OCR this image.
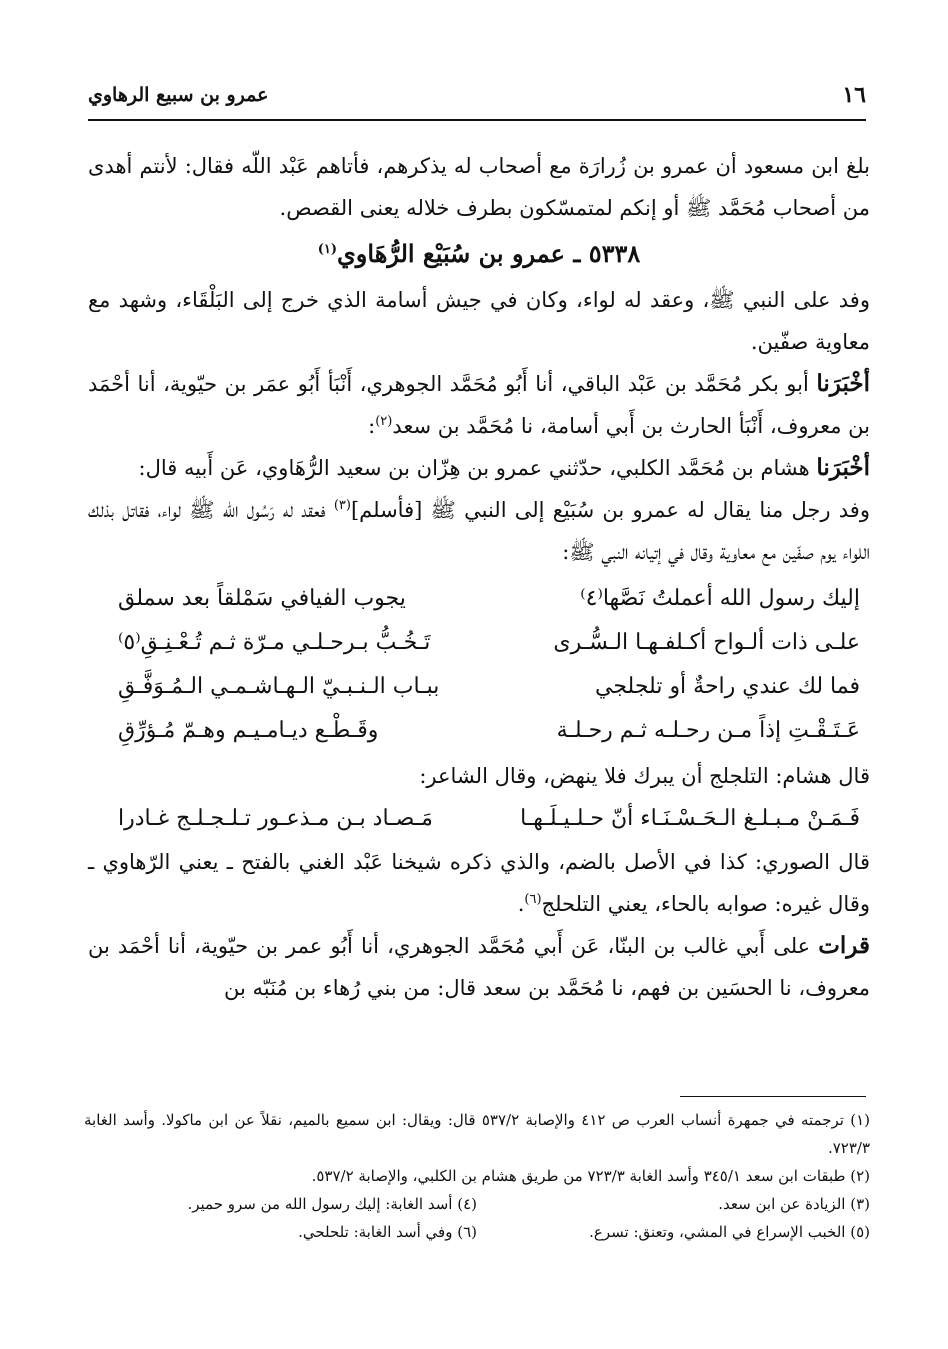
١٦
عمرو بن سبيع الرهاوي

بلغ ابن مسعود أن عمرو بن زُرارَة مع أصحاب له يذكرهم، فأتاهم عَبْد اللّه فقال: لأنتم أهدى من أصحاب مُحَمَّد ﷺ أو إنكم لمتمسّكون بطرف خلاله يعنى القصص.

٥٣٣٨ ـ عمرو بن سُبَيْع الرُّهَاوي$^{(١)}$

وفد على النبي ﷺ، وعقد له لواء، وكان في جيش أسامة الذي خرج إلى البَلْقَاء، وشهد مع معاوية صفّين.

أخْبَرَنا أبو بكر مُحَمَّد بن عَبْد الباقي، أنا أَبُو مُحَمَّد الجوهري، أَنْبَأ أَبُو عمَر بن حيّوية، أنا أحْمَد بن معروف، أَنْبَأ الحارث بن أَبي أسامة، نا مُحَمَّد بن سعد$^{(٢)}$:

أخْبَرَنا هشام بن مُحَمَّد الكلبي، حدّثني عمرو بن هِزّان بن سعيد الرُّهَاوي، عَن أَبيه قال:

وفد رجل منا يقال له عمرو بن سُبَيْع إلى النبي ﷺ [فأسلم]$^{(٣)}$ فعقد له رَسُول الله ﷺ لواء، فقاتل بذلك اللواء يوم صفّين مع معاوية وقال في إتيانه النبي ﷺ:

إليك رسول الله أعملتُ نَصَّها⁽٤⁾
يجوب الفيافي سَمْلقاً بعد سملق
علـى ذات ألـواح أكـلفـهـا الـسُّـرى
تَـخُـبُّ بـرحـلـي مـرّة ثـم تُـعْـنِـقِ⁽٥⁾
فما لك عندي راحةٌ أو تلجلجي
ببـاب الـنـبـيّ الـهـاشـمـي الـمُـوَفَّـقِ
عَـتَـقْـتِ إذاً مـن رحـلـه ثـم رحـلـة
وقَـطْـع ديـامـيـم وهـمّ مُـؤرِّقِ

قال هشام: التلجلج أن يبرك فلا ينهض، وقال الشاعر:

فَـمَـنْ مـبـلـغ الـحَـسْـنَـاء أنّ حـلـيـلَـهـا
مَـصـاد بـن مـذعـور تـلـجـلـج غـادرا

قال الصوري: كذا في الأصل بالضم، والذي ذكره شيخنا عَبْد الغني بالفتح ـ يعني الرّهاوي ـ وقال غيره: صوابه بالحاء، يعني التلحلج$^{(٦)}$.

قرات على أَبي غالب بن البنّا، عَن أَبي مُحَمَّد الجوهري، أنا أَبُو عمر بن حيّوية، أنا أحْمَد بن معروف، نا الحسَين بن فهم، نا مُحَمَّد بن سعد قال: من بني رُهاء بن مُنَبّه بن

(١) ترجمته في جمهرة أنساب العرب ص ٤١٢ والإصابة ٥٣٧/٢ قال: ويقال: ابن سميع بالميم، نقلاً عن ابن ماكولا. وأسد الغابة ٧٢٣/٣.

(٢) طبقات ابن سعد ٣٤٥/١ وأسد الغابة ٧٢٣/٣ من طريق هشام بن الكلبي، والإصابة ٥٣٧/٢.

(٣) الزيادة عن ابن سعد.

(٤) أسد الغابة: إليك رسول الله من سرو حمير.

(٥) الخبب الإسراع في المشي، وتعنق: تسرع.

(٦) وفي أسد الغابة: تلحلحي.
